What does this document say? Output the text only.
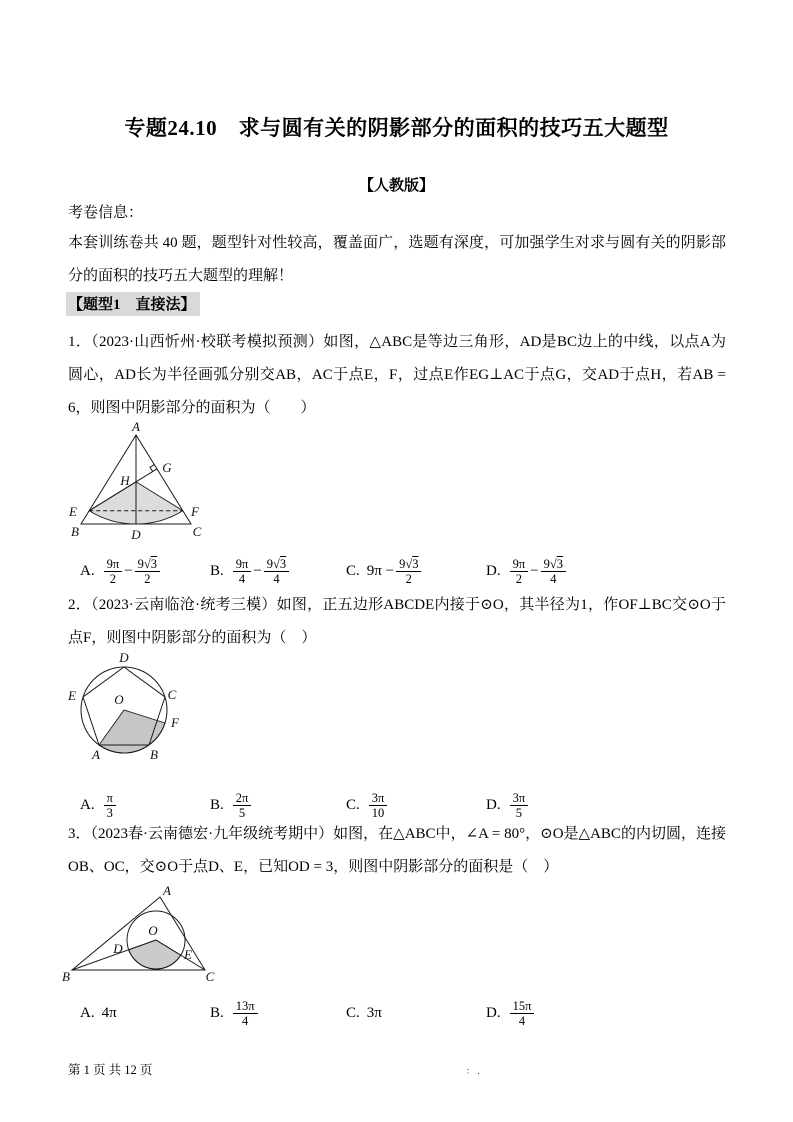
专题24.10　求与圆有关的阴影部分的面积的技巧五大题型
【人教版】
考卷信息：
本套训练卷共 40 题，题型针对性较高，覆盖面广，选题有深度，可加强学生对求与圆有关的阴影部分的面积的技巧五大题型的理解！
【题型1　直接法】
1．（2023·山西忻州·校联考模拟预测）如图，△ABC是等边三角形，AD是BC边上的中线，以点A为圆心，AD长为半径画弧分别交AB，AC于点E，F，过点E作EG⊥AC于点G，交AD于点H，若AB = 6，则图中阴影部分的面积为（　　）
A
B	C
D
E	F
G
H
A. $\frac{9\pi}{2} - \frac{9√3}{2}$	B. $\frac{9\pi}{4} - \frac{9√3}{4}$	C. $9\pi - \frac{9√3}{2}$	D. $\frac{9\pi}{2} - \frac{9√3}{4}$
2．（2023·云南临沧·统考三模）如图，正五边形ABCDE内接于⊙O，其半径为1，作OF⊥BC交⊙O于点F，则图中阴影部分的面积为（　）
D
E	C
O
F
A	B
A. $\frac{\pi}{3}$	B. $\frac{2\pi}{5}$	C. $\frac{3\pi}{10}$	D. $\frac{3\pi}{5}$
3．（2023春·云南德宏·九年级统考期中）如图，在△ABC中，∠A = 80°，⊙O是△ABC的内切圆，连接OB、OC，交⊙O于点D、E，已知OD = 3，则图中阴影部分的面积是（　）
A
B	C
O
D	E
A. 4π	B. $\frac{13\pi}{4}$	C. 3π	D. $\frac{15\pi}{4}$
第 1 页 共 12 页	： ．
